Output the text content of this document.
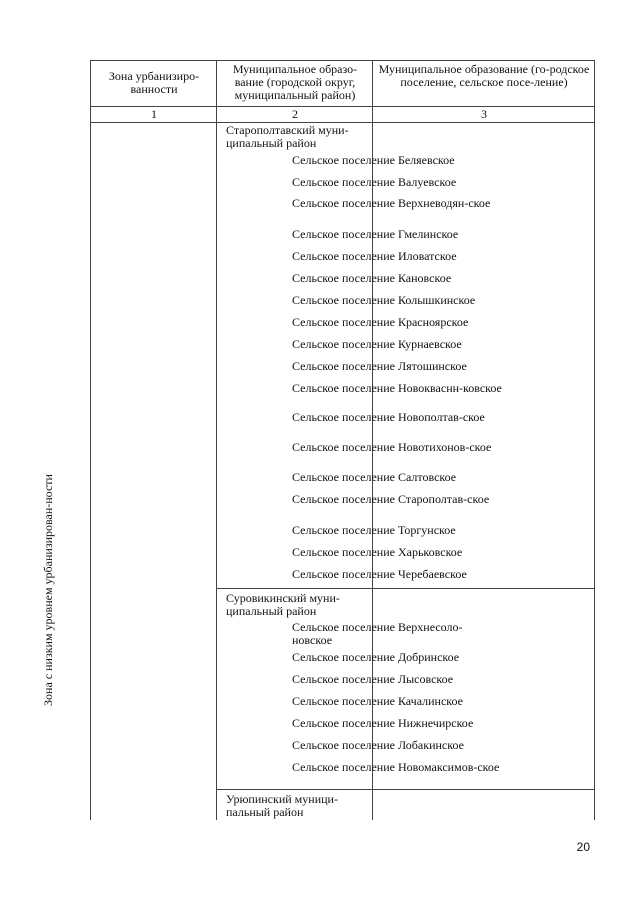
Зона урбанизиро-ванности
Муниципальное образо-вание (городской округ, муниципальный район)
Муниципальное образование (го-родское поселение, сельское посе-ление)
1	2	3
Зона с низким уровнем урбанизирован-ности
Старополтавский муни-ципальный район
Сельское поселение Беляевское
Сельское поселение Валуевское
Сельское поселение Верхневодян-ское
Сельское поселение Гмелинское
Сельское поселение Иловатское
Сельское поселение Кановское
Сельское поселение Колышкинское
Сельское поселение Красноярское
Сельское поселение Курнаевское
Сельское поселение Лятошинское
Сельское поселение Новокваснн-ковское
Сельское поселение Новополтав-ское
Сельское поселение Новотихонов-ское
Сельское поселение Салтовское
Сельское поселение Старополтав-ское
Сельское поселение Торгунское
Сельское поселение Харьковское
Сельское поселение Черебаевское
Суровикинский муни-ципальный район
Сельское поселение Верхнесоло-новское
Сельское поселение Добринское
Сельское поселение Лысовское
Сельское поселение Качалинское
Сельское поселение Нижнечирское
Сельское поселение Лобакинское
Сельское поселение Новомаксимов-ское
Урюпинский муници-пальный район
20
